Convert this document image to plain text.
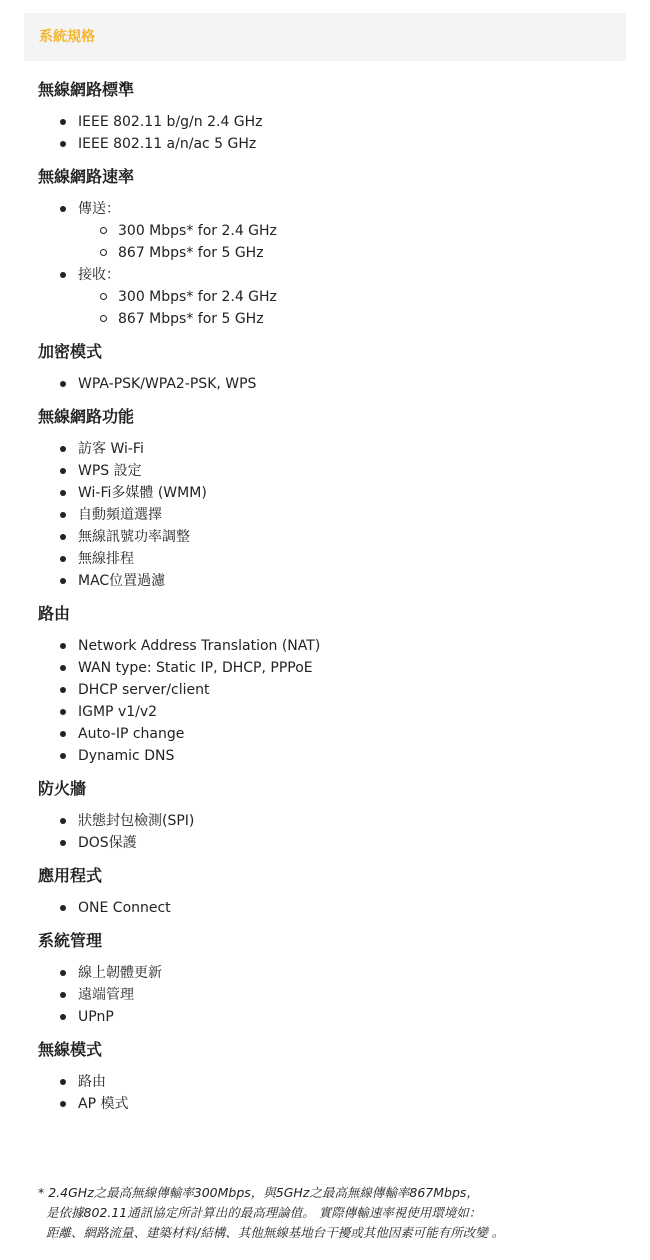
系統規格
無線網路標準
IEEE 802.11 b/g/n 2.4 GHz
IEEE 802.11 a/n/ac 5 GHz
無線網路速率
傳送：
300 Mbps* for 2.4 GHz
867 Mbps* for 5 GHz
接收：
300 Mbps* for 2.4 GHz
867 Mbps* for 5 GHz
加密模式
WPA-PSK/WPA2-PSK, WPS
無線網路功能
訪客 Wi-Fi
WPS 設定
Wi-Fi多媒體 (WMM)
自動頻道選擇
無線訊號功率調整
無線排程
MAC位置過濾
路由
Network Address Translation (NAT)
WAN type: Static IP, DHCP, PPPoE
DHCP server/client
IGMP v1/v2
Auto-IP change
Dynamic DNS
防火牆
狀態封包檢測(SPI)
DOS保護
應用程式
ONE Connect
系統管理
線上韌體更新
遠端管理
UPnP
無線模式
路由
AP 模式
* 2.4GHz之最高無線傳輸率300Mbps，與5GHz之最高無線傳輸率867Mbps，
是依據802.11通訊協定所計算出的最高理論值。 實際傳輸速率視使用環境如：
距離、網路流量、建築材料/結構、其他無線基地台干擾或其他因素可能有所改變 。
